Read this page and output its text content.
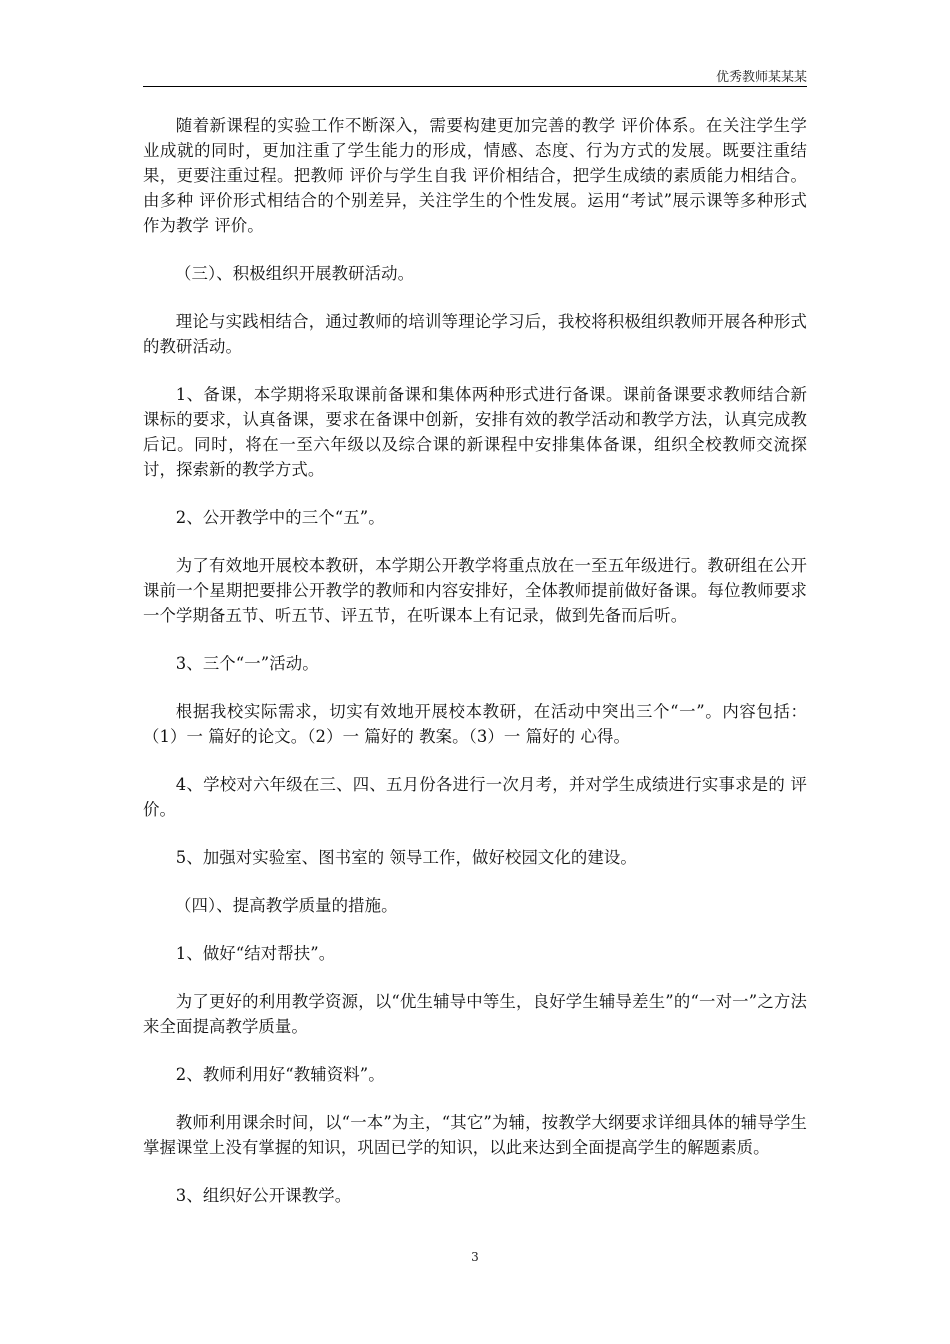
优秀教师某某某

随着新课程的实验工作不断深入，需要构建更加完善的教学 评价体系。在关注学生学业成就的同时，更加注重了学生能力的形成，情感、态度、行为方式的发展。既要注重结果，更要注重过程。把教师 评价与学生自我 评价相结合，把学生成绩的素质能力相结合。由多种 评价形式相结合的个别差异，关注学生的个性发展。运用“考试”展示课等多种形式作为教学 评价。

（三）、积极组织开展教研活动。

理论与实践相结合，通过教师的培训等理论学习后，我校将积极组织教师开展各种形式的教研活动。

1、备课，本学期将采取课前备课和集体两种形式进行备课。课前备课要求教师结合新课标的要求，认真备课，要求在备课中创新，安排有效的教学活动和教学方法，认真完成教后记。同时，将在一至六年级以及综合课的新课程中安排集体备课，组织全校教师交流探讨，探索新的教学方式。

2、公开教学中的三个“五”。

为了有效地开展校本教研，本学期公开教学将重点放在一至五年级进行。教研组在公开课前一个星期把要排公开教学的教师和内容安排好，全体教师提前做好备课。每位教师要求一个学期备五节、听五节、评五节，在听课本上有记录，做到先备而后听。

3、三个“一”活动。

根据我校实际需求，切实有效地开展校本教研，在活动中突出三个“一”。内容包括：（1）一 篇好的论文。（2）一 篇好的 教案。（3）一 篇好的 心得。

4、学校对六年级在三、四、五月份各进行一次月考，并对学生成绩进行实事求是的 评价。

5、加强对实验室、图书室的 领导工作，做好校园文化的建设。

（四）、提高教学质量的措施。

1、做好“结对帮扶”。

为了更好的利用教学资源，以“优生辅导中等生，良好学生辅导差生”的“一对一”之方法来全面提高教学质量。

2、教师利用好“教辅资料”。

教师利用课余时间，以“一本”为主，“其它”为辅，按教学大纲要求详细具体的辅导学生掌握课堂上没有掌握的知识，巩固已学的知识，以此来达到全面提高学生的解题素质。

3、组织好公开课教学。

3
